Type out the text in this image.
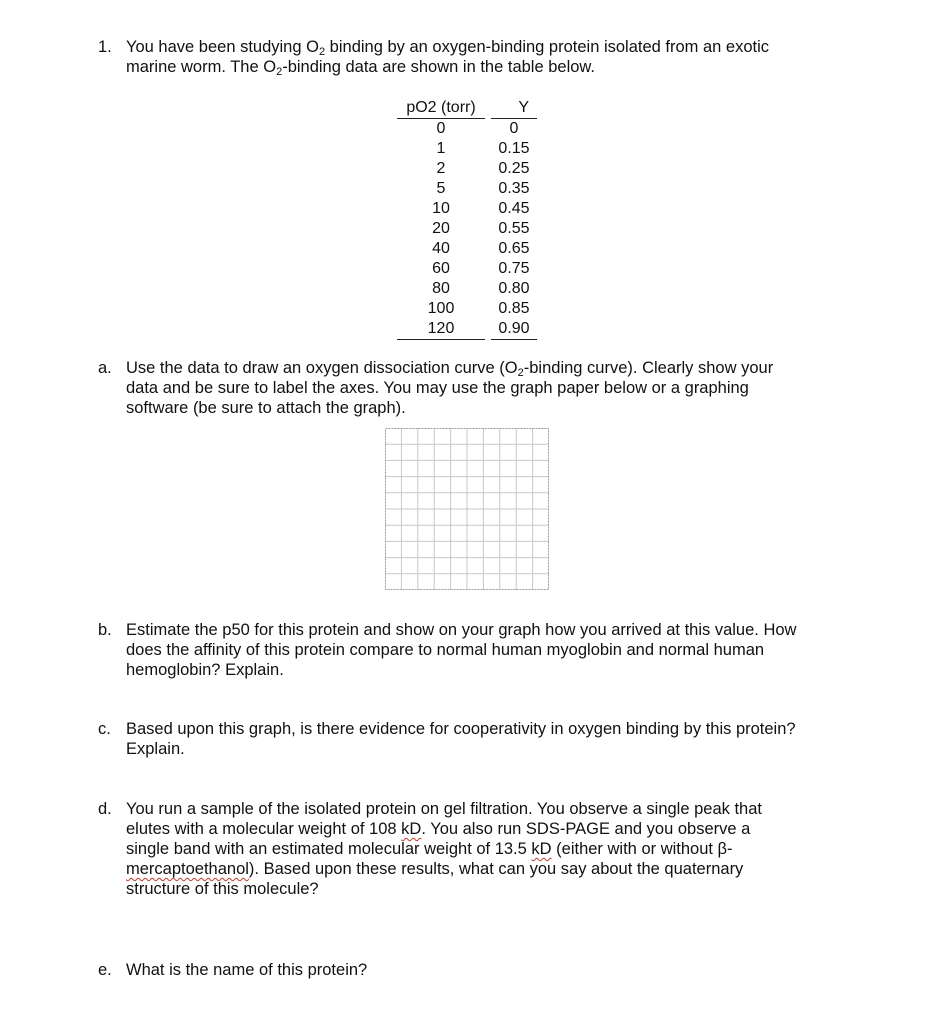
1. You have been studying $O_2$ binding by an oxygen-binding protein isolated from an exotic
marine worm. The $O_2$-binding data are shown in the table below.
pO2 (torr)		Y
0		0
1		0.15
2		0.25
5		0.35
10		0.45
20		0.55
40		0.65
60		0.75
80		0.80
100		0.85
120		0.90
a. Use the data to draw an oxygen dissociation curve ($O_2$-binding curve). Clearly show your
data and be sure to label the axes. You may use the graph paper below or a graphing
software (be sure to attach the graph).
b. Estimate the p50 for this protein and show on your graph how you arrived at this value. How
does the affinity of this protein compare to normal human myoglobin and normal human
hemoglobin? Explain.
c. Based upon this graph, is there evidence for cooperativity in oxygen binding by this protein?
Explain.
d. You run a sample of the isolated protein on gel filtration. You observe a single peak that
elutes with a molecular weight of 108 kD. You also run SDS-PAGE and you observe a
single band with an estimated molecular weight of 13.5 kD (either with or without β-
mercaptoethanol). Based upon these results, what can you say about the quaternary
structure of this molecule?
e. What is the name of this protein?
